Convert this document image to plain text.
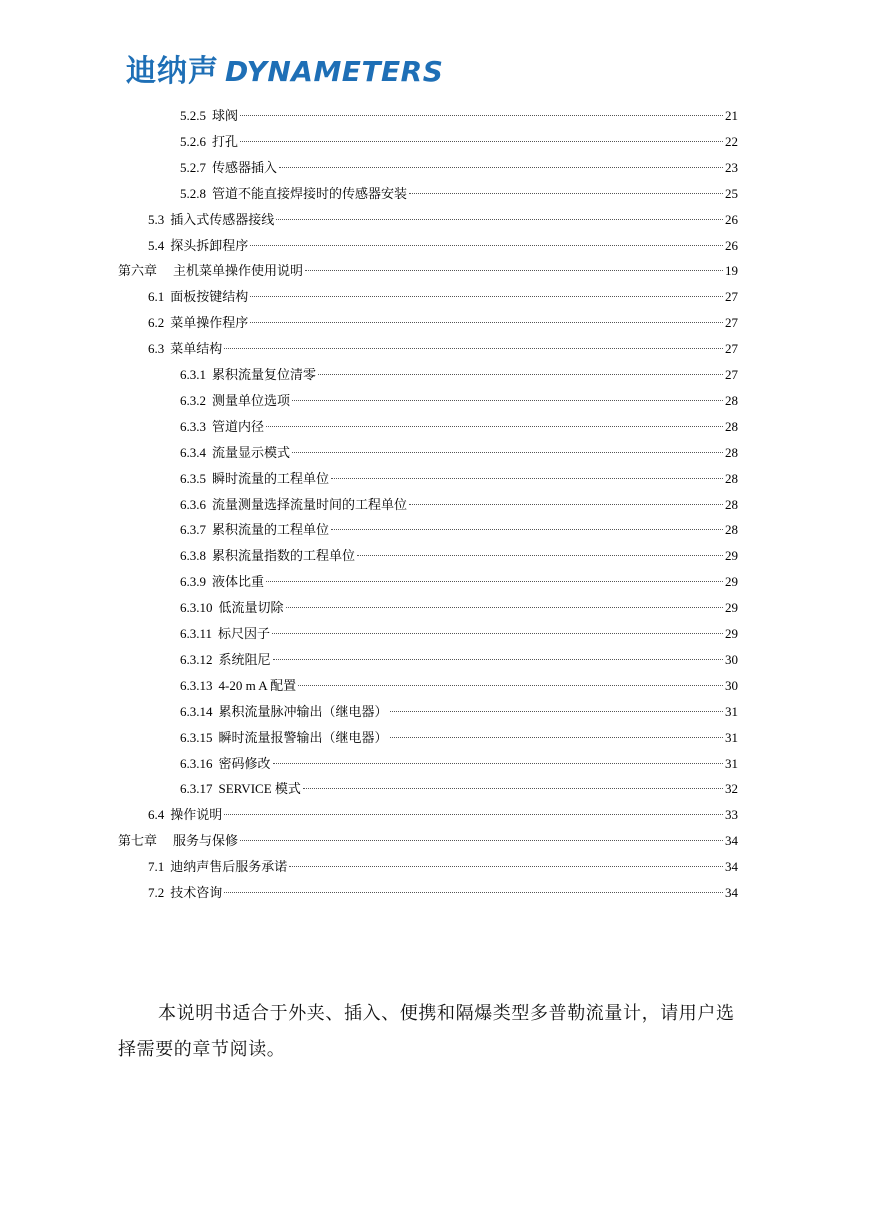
迪纳声 DYNAMETERS
5.2.5 球阀	21
5.2.6 打孔	22
5.2.7 传感器插入	23
5.2.8 管道不能直接焊接时的传感器安装	25
5.3 插入式传感器接线	26
5.4 探头拆卸程序	26
第六章 主机菜单操作使用说明	19
6.1 面板按键结构	27
6.2 菜单操作程序	27
6.3 菜单结构	27
6.3.1 累积流量复位清零	27
6.3.2 测量单位选项	28
6.3.3 管道内径	28
6.3.4 流量显示模式	28
6.3.5 瞬时流量的工程单位	28
6.3.6 流量测量选择流量时间的工程单位	28
6.3.7 累积流量的工程单位	28
6.3.8 累积流量指数的工程单位	29
6.3.9 液体比重	29
6.3.10 低流量切除	29
6.3.11 标尺因子	29
6.3.12 系统阻尼	30
6.3.13 4-20 m A 配置	30
6.3.14 累积流量脉冲输出（继电器）	31
6.3.15 瞬时流量报警输出（继电器）	31
6.3.16 密码修改	31
6.3.17 SERVICE 模式	32
6.4 操作说明	33
第七章 服务与保修	34
7.1 迪纳声售后服务承诺	34
7.2 技术咨询	34

本说明书适合于外夹、插入、便携和隔爆类型多普勒流量计，请用户选择需要的章节阅读。
